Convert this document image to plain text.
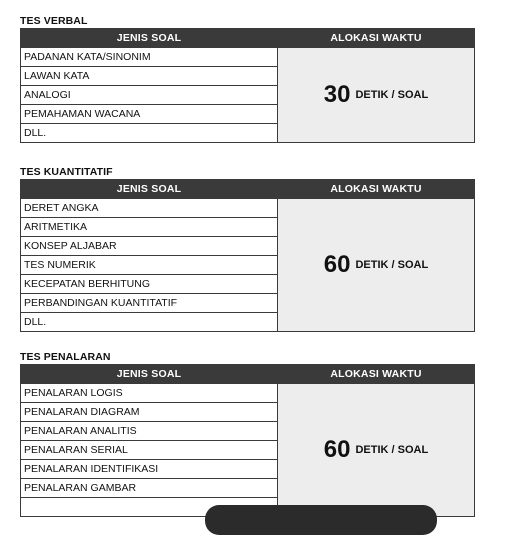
TES VERBAL
JENIS SOAL	ALOKASI WAKTU
PADANAN KATA/SINONIM	30 DETIK / SOAL
LAWAN KATA	
ANALOGI	
PEMAHAMAN WACANA	
DLL.	
TES KUANTITATIF
JENIS SOAL	ALOKASI WAKTU
DERET ANGKA	60 DETIK / SOAL
ARITMETIKA	
KONSEP ALJABAR	
TES NUMERIK	
KECEPATAN BERHITUNG	
PERBANDINGAN KUANTITATIF	
DLL.	
TES PENALARAN
JENIS SOAL	ALOKASI WAKTU
PENALARAN LOGIS	60 DETIK / SOAL
PENALARAN DIAGRAM	
PENALARAN ANALITIS	
PENALARAN SERIAL	
PENALARAN IDENTIFIKASI	
PENALARAN GAMBAR	
